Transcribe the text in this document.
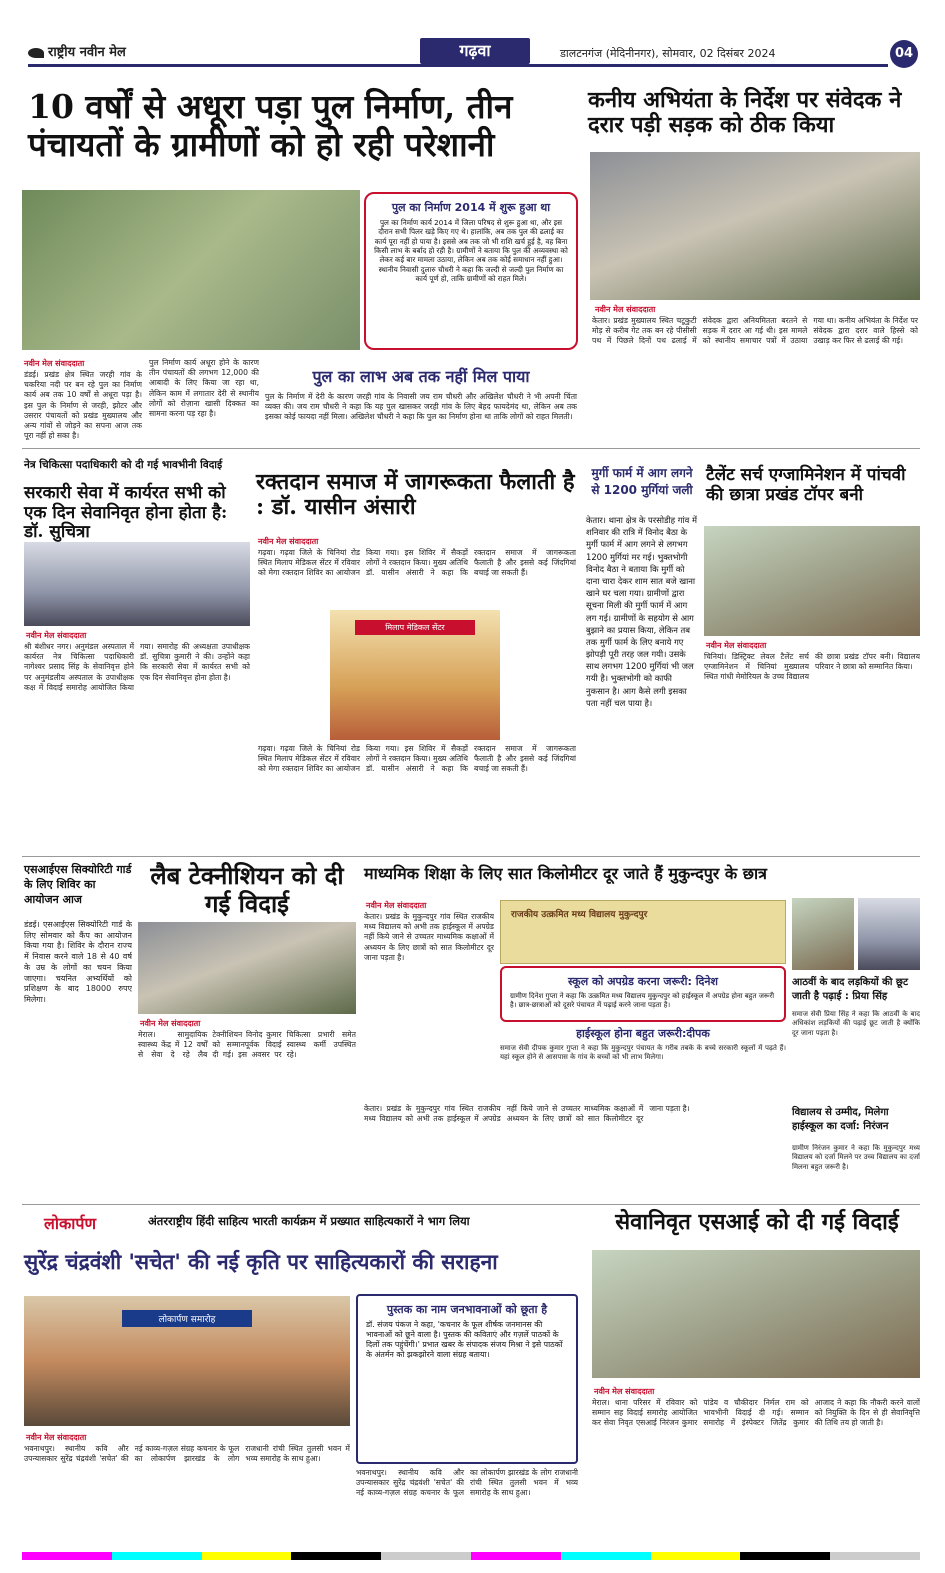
राष्ट्रीय नवीन मेल	गढ़वा	डालटनगंज (मेदिनीनगर), सोमवार, 02 दिसंबर 2024	04
10 वर्षों से अधूरा पड़ा पुल निर्माण, तीन पंचायतों के ग्रामीणों को हो रही परेशानी
पुल का निर्माण 2014 में शुरू हुआ था
पुल का निर्माण कार्य 2014 में जिला परिषद से शुरू हुआ था, और इस दौरान सभी पिलर खड़े किए गए थे। हालांकि, अब तक पुल की ढलाई का कार्य पूरा नहीं हो पाया है। इससे अब तक जो भी राशि खर्च हुई है, वह बिना किसी लाभ के बर्बाद हो रही है। ग्रामीणों ने बताया कि पुल की अव्यवस्था को लेकर कई बार मामला उठाया, लेकिन अब तक कोई समाधान नहीं हुआ। स्थानीय निवासी दुलारु चौधरी ने कहा कि जल्दी से जल्दी पुल निर्माण का कार्य पूर्ण हो, ताकि ग्रामीणों को राहत मिले।
नवीन मेल संवाददाता
डंडई। प्रखंड क्षेत्र स्थित जरही गांव के चकरिया नदी पर बन रहे पुल का निर्माण कार्य अब तक 10 वर्षों से अधूरा पड़ा है। इस पुल के निर्माण से जरही, झोटर और उसरार पंचायतों को प्रखंड मुख्यालय और अन्य गांवों से जोड़ने का सपना आज तक पूरा नहीं हो सका है।
पुल निर्माण कार्य अधूरा होने के कारण तीन पंचायतों की लगभग 12,000 की आबादी के लिए किया जा रहा था, लेकिन काम में लगातार देरी से स्थानीय लोगों को रोज़ाना खासी दिक्कत का सामना करना पड़ रहा है।
पुल का लाभ अब तक नहीं मिल पाया
पुल के निर्माण में देरी के कारण जरही गांव के निवासी जय राम चौधरी और अखिलेश चौधरी ने भी अपनी चिंता व्यक्त की। जय राम चौधरी ने कहा कि यह पुल खासकर जरही गांव के लिए बेहद फायदेमंद था, लेकिन अब तक इसका कोई फायदा नहीं मिला। अखिलेश चौधरी ने कहा कि पुल का निर्माण होना था ताकि लोगों को राहत मिलती।
कनीय अभियंता के निर्देश पर संवेदक ने दरार पड़ी सड़क को ठीक किया
नवीन मेल संवाददाता
केतार। प्रखंड मुख्यालय स्थित चटूकुटी मोड़ से करीब गेट तक बन रहे पीसीसी पथ में पिछले दिनों पथ ढलाई में संवेदक द्वारा अनियमितता बरतने से सड़क में दरार आ गई थी। इस मामले को स्थानीय समाचार पत्रों में उठाया गया था। कनीय अभियंता के निर्देश पर संवेदक द्वारा दरार वाले हिस्से को उखाड़ कर फिर से ढलाई की गई।
नेत्र चिकित्सा पदाधिकारी को दी गई भावभीनी विदाई
सरकारी सेवा में कार्यरत सभी को एक दिन सेवानिवृत होना होता है: डॉ. सुचित्रा
नवीन मेल संवाददाता
श्री बंशीधर नगर। अनुमंडल अस्पताल में कार्यरत नेत्र चिकित्सा पदाधिकारी नागेश्वर प्रसाद सिंह के सेवानिवृत्त होने पर अनुमंडलीय अस्पताल के उपाधीक्षक कक्ष में विदाई समारोह आयोजित किया गया। समारोह की अध्यक्षता उपाधीक्षक डॉ. सुचित्रा कुमारी ने की। उन्होंने कहा कि सरकारी सेवा में कार्यरत सभी को एक दिन सेवानिवृत्त होना होता है।
रक्तदान समाज में जागरूकता फैलाती है : डॉ. यासीन अंसारी
नवीन मेल संवाददाता
गढ़वा। गढ़वा जिले के चिनियां रोड स्थित मिलाप मेडिकल सेंटर में रविवार को मेगा रक्तदान शिविर का आयोजन किया गया। इस शिविर में सैकड़ों लोगों ने रक्तदान किया। मुख्य अतिथि डॉ. यासीन अंसारी ने कहा कि रक्तदान समाज में जागरूकता फैलाती है और इससे कई जिंदगियां बचाई जा सकती हैं।
मिलाप मेडिकल सेंटर
गढ़वा। गढ़वा जिले के चिनियां रोड स्थित मिलाप मेडिकल सेंटर में रविवार को मेगा रक्तदान शिविर का आयोजन किया गया। इस शिविर में सैकड़ों लोगों ने रक्तदान किया। मुख्य अतिथि डॉ. यासीन अंसारी ने कहा कि रक्तदान समाज में जागरूकता फैलाती है और इससे कई जिंदगियां बचाई जा सकती हैं।
मुर्गी फार्म में आग लगने से 1200 मुर्गियां जली
केतार। थाना क्षेत्र के परसोडीह गांव में शनिवार की रात्रि में विनोद बैठा के मुर्गी फार्म में आग लगने से लगभग 1200 मुर्गियां मर गई। भुक्तभोगी विनोद बैठा ने बताया कि मुर्गी को दाना चारा देकर शाम सात बजे खाना खाने घर चला गया। ग्रामीणों द्वारा सूचना मिली की मुर्गी फार्म में आग लग गई। ग्रामीणों के सहयोग से आग बुझाने का प्रयास किया, लेकिन तब तक मुर्गी फार्म के लिए बनाये गए झोपड़ी पूरी तरह जल गयी। उसके साथ लगभग 1200 मुर्गियां भी जल गयी है। भुक्तभोगी को काफी नुकसान है। आग कैसे लगी इसका पता नहीं चल पाया है।
टैलेंट सर्च एग्जामिनेशन में पांचवी की छात्रा प्रखंड टॉपर बनी
नवीन मेल संवाददाता
चिनियां। डिस्ट्रिक्ट लेवल टैलेंट सर्च एग्जामिनेशन में चिनियां मुख्यालय स्थित गांधी मेमोरियल के उच्च विद्यालय की छात्रा प्रखंड टॉपर बनी। विद्यालय परिवार ने छात्रा को सम्मानित किया।
एसआईएस सिक्योरिटी गार्ड के लिए शिविर का आयोजन आज
डंडई। एसआईएस सिक्योरिटी गार्ड के लिए सोमवार को कैंप का आयोजन किया गया है। शिविर के दौरान राज्य में निवास करने वाले 18 से 40 वर्ष के उम्र के लोगों का चयन किया जाएगा। चयनित अभ्यर्थियों को प्रशिक्षण के बाद 18000 रुपए मिलेगा।
लैब टेक्नीशियन को दी गई विदाई
नवीन मेल संवाददाता
मेराल। सामुदायिक स्वास्थ्य केंद्र में 12 वर्षों से सेवा दे रहे लैब टेक्नीशियन विनोद कुमार को सम्मानपूर्वक विदाई दी गई। इस अवसर पर चिकित्सा प्रभारी समेत स्वास्थ्य कर्मी उपस्थित रहे।
माध्यमिक शिक्षा के लिए सात किलोमीटर दूर जाते हैं मुकुन्दपुर के छात्र
नवीन मेल संवाददाता
केतार। प्रखंड के मुकुन्दपुर गांव स्थित राजकीय मध्य विद्यालय को अभी तक हाईस्कूल में अपग्रेड नहीं किये जाने से उच्चतर माध्यमिक कक्षाओं में अध्ययन के लिए छात्रों को सात किलोमीटर दूर जाना पड़ता है।
राजकीय उत्क्रमित मध्य विद्यालय मुकुन्दपुर
स्कूल को अपग्रेड करना जरूरी: दिनेश
ग्रामीण दिनेश गुप्ता ने कहा कि उत्क्रमित मध्य विद्यालय मुकुन्दपुर को हाईस्कूल में अपग्रेड होना बहुत जरूरी है। छात्र-छात्राओं को दूसरे पंचायत में पढ़ाई करने जाना पड़ता है।
हाईस्कूल होना बहुत जरूरी:दीपक
समाज सेवी दीपक कुमार गुप्ता ने कहा कि मुकुन्दपुर पंचायत के गरीब तबके के बच्चे सरकारी स्कूलों में पढ़ते हैं। यहां स्कूल होने से आसपास के गांव के बच्चों को भी लाभ मिलेगा।
केतार। प्रखंड के मुकुन्दपुर गांव स्थित राजकीय मध्य विद्यालय को अभी तक हाईस्कूल में अपग्रेड नहीं किये जाने से उच्चतर माध्यमिक कक्षाओं में अध्ययन के लिए छात्रों को सात किलोमीटर दूर जाना पड़ता है।
आठवीं के बाद लड़कियों की छूट जाती है पढ़ाई : प्रिया सिंह
समाज सेवी प्रिया सिंह ने कहा कि आठवीं के बाद अधिकांश लड़कियों की पढ़ाई छूट जाती है क्योंकि दूर जाना पड़ता है।
विद्यालय से उम्मीद, मिलेगा हाईस्कूल का दर्जा: निरंजन
ग्रामीण निरंजन कुमार ने कहा कि मुकुन्दपुर मध्य विद्यालय को दर्जा मिलने पर उच्च विद्यालय का दर्जा मिलना बहुत जरूरी है।
लोकार्पण	अंतरराष्ट्रीय हिंदी साहित्य भारती कार्यक्रम में प्रख्यात साहित्यकारों ने भाग लिया
सुरेंद्र चंद्रवंशी 'सचेत' की नई कृति पर साहित्यकारों की सराहना
लोकार्पण समारोह
पुस्तक का नाम जनभावनाओं को छूता है
डॉ. संजय पंकज ने कहा, 'कचनार के फूल शीर्षक जनमानस की भावनाओं को छूने वाला है। पुस्तक की कविताएं और गज़लें पाठकों के दिलों तक पहुंचेंगी।' प्रभात खबर के संपादक संजय मिश्रा ने इसे पाठकों के अंतर्मन को झकझोरने वाला संग्रह बताया।
नवीन मेल संवाददाता
भवनाथपुर। स्थानीय कवि और उपन्यासकार सुरेंद्र चंद्रवंशी 'सचेत' की नई काव्य-गज़ल संग्रह कचनार के फूल का लोकार्पण झारखंड के लोग राजधानी रांची स्थित तुलसी भवन में भव्य समारोह के साथ हुआ।
भवनाथपुर। स्थानीय कवि और उपन्यासकार सुरेंद्र चंद्रवंशी 'सचेत' की नई काव्य-गज़ल संग्रह कचनार के फूल का लोकार्पण झारखंड के लोग राजधानी रांची स्थित तुलसी भवन में भव्य समारोह के साथ हुआ।
सेवानिवृत एसआई को दी गई विदाई
नवीन मेल संवाददाता
मेराल। थाना परिसर में रविवार को सम्मान सह विदाई समारोह आयोजित कर सेवा निवृत एसआई निरंजन कुमार पांडेय व चौकीदार निर्मल राम को भावभीनी विदाई दी गई। सम्मान समारोह में इंस्पेक्टर जितेंद्र कुमार आजाद ने कहा कि नौकरी करने वालों को नियुक्ति के दिन से ही सेवानिवृत्ति की तिथि तय हो जाती है।
